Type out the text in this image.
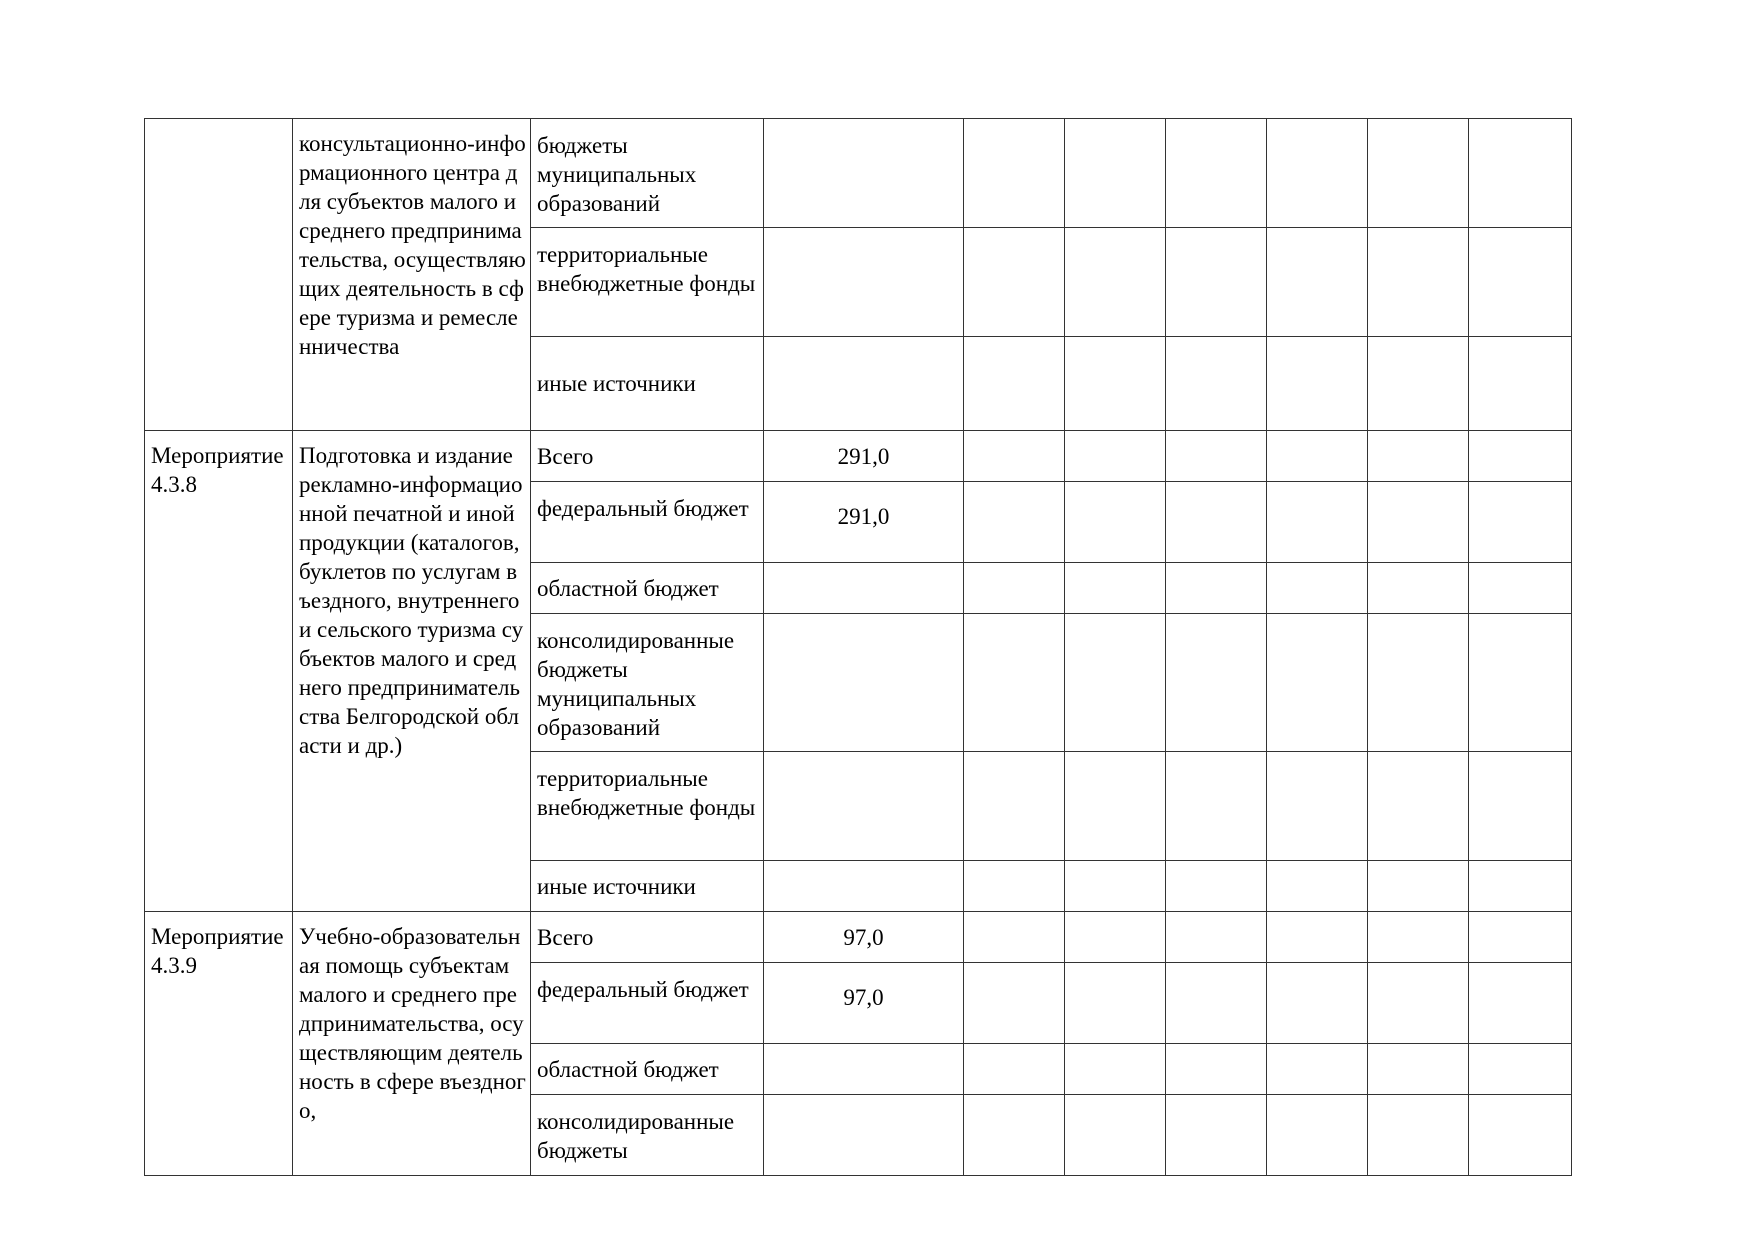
	консультационно-информационного центра для субъектов малого и среднего предпринимательства, осуществляющих деятельность в сфере туризма и ремесленничества	бюджеты муниципальных образований							
		территориальные внебюджетные фонды							
		иные источники							
Мероприятие 4.3.8	Подготовка и издание рекламно-информационной печатной и иной продукции (каталогов, буклетов по услугам въездного, внутреннего и сельского туризма субъектов малого и среднего предпринимательства Белгородской области и др.)	Всего	291,0						
		федеральный бюджет	291,0						
		областной бюджет							
		консолидированные бюджеты муниципальных образований							
		территориальные внебюджетные фонды							
		иные источники							
Мероприятие 4.3.9	Учебно-образовательная помощь субъектам малого и среднего предпринимательства, осуществляющим деятельность в сфере въездного,	Всего	97,0						
		федеральный бюджет	97,0						
		областной бюджет							
		консолидированные бюджеты							
